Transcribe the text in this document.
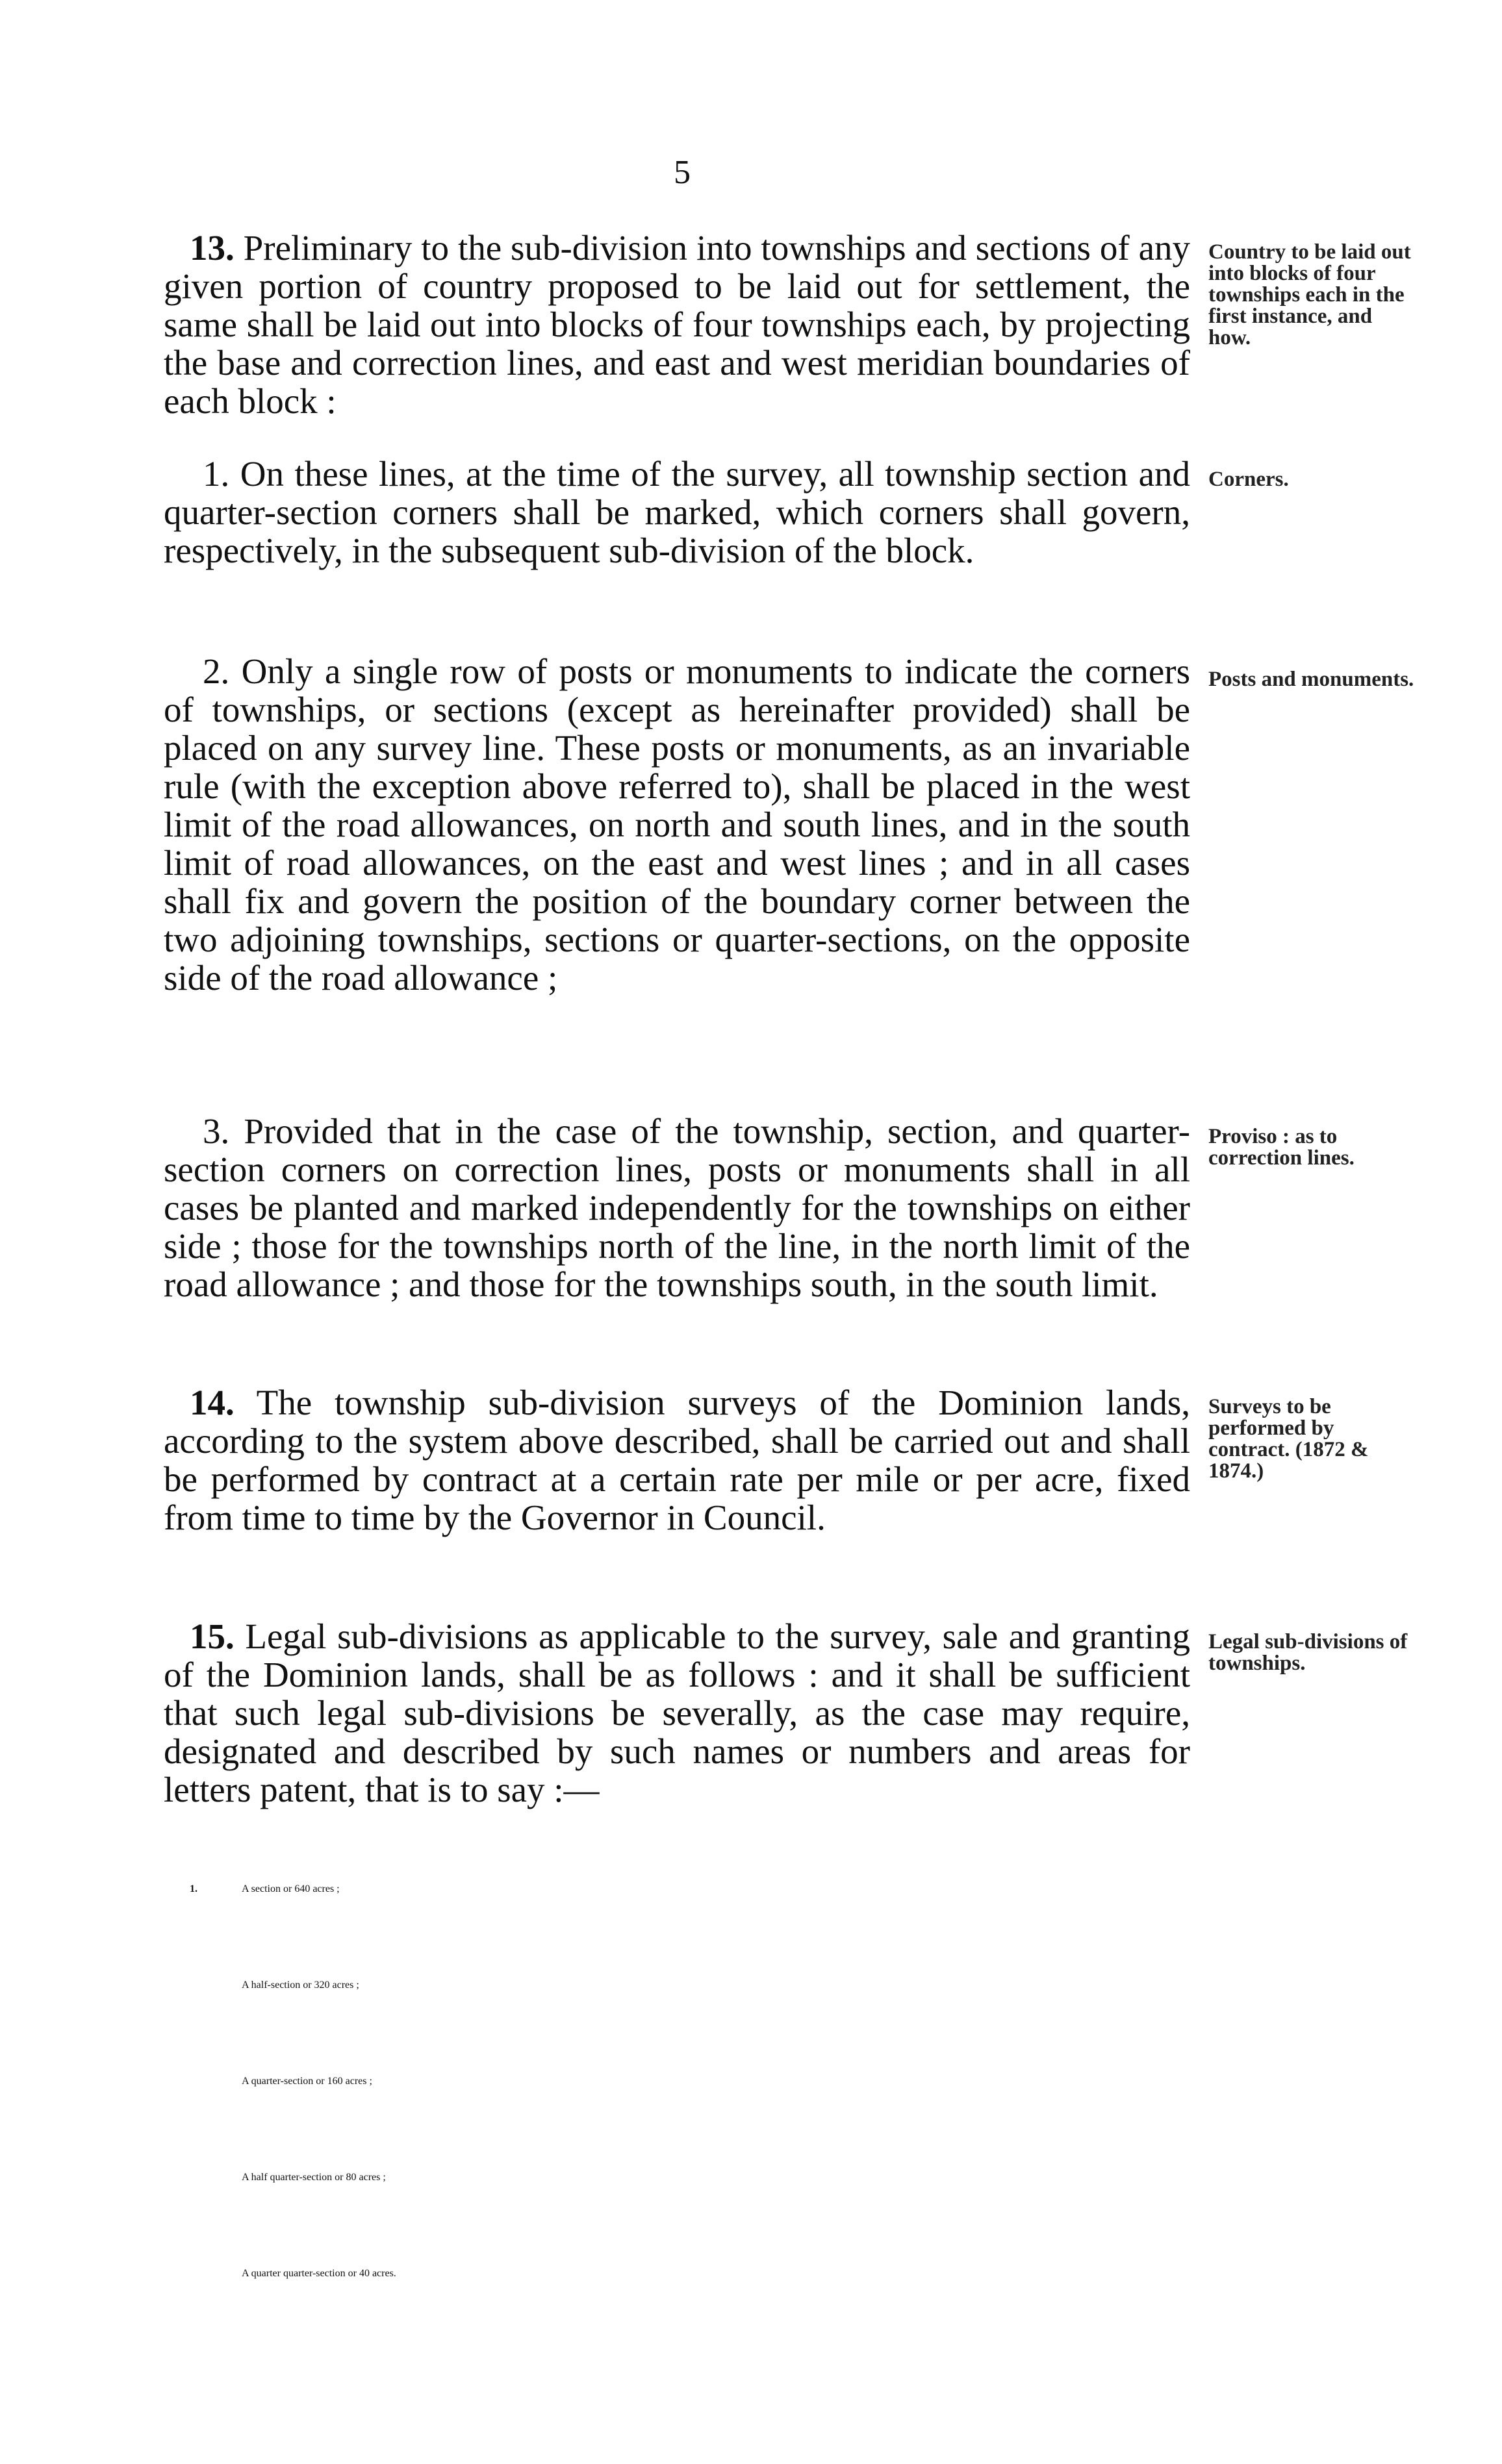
5

13. Preliminary to the sub-division into townships and sections of any given portion of country proposed to be laid out for settlement, the same shall be laid out into blocks of four townships each, by projecting the base and correction lines, and east and west meridian boundaries of each block :

Country to be laid out into blocks of four townships each in the first instance, and how.

1. On these lines, at the time of the survey, all township section and quarter-section corners shall be marked, which corners shall govern, respectively, in the subsequent sub-division of the block.

Corners.

2. Only a single row of posts or monuments to indicate the corners of townships, or sections (except as hereinafter provided) shall be placed on any survey line. These posts or monuments, as an invariable rule (with the exception above referred to), shall be placed in the west limit of the road allowances, on north and south lines, and in the south limit of road allowances, on the east and west lines ; and in all cases shall fix and govern the position of the boundary corner between the two adjoining townships, sections or quarter-sections, on the opposite side of the road allowance ;

Posts and monuments.

3. Provided that in the case of the township, section, and quarter-section corners on correction lines, posts or monuments shall in all cases be planted and marked independently for the townships on either side ; those for the townships north of the line, in the north limit of the road allowance ; and those for the townships south, in the south limit.

Proviso : as to correction lines.

14. The township sub-division surveys of the Dominion lands, according to the system above described, shall be carried out and shall be performed by contract at a certain rate per mile or per acre, fixed from time to time by the Governor in Council.

Surveys to be performed by contract. (1872 & 1874.)

15. Legal sub-divisions as applicable to the survey, sale and granting of the Dominion lands, shall be as follows : and it shall be sufficient that such legal sub-divisions be severally, as the case may require, designated and described by such names or numbers and areas for letters patent, that is to say :—

Legal sub-divisions of townships.
1.	A section or 640 acres ;
A half-section or 320 acres ;
A quarter-section or 160 acres ;
A half quarter-section or 80 acres ;
A quarter quarter-section or 40 acres.
